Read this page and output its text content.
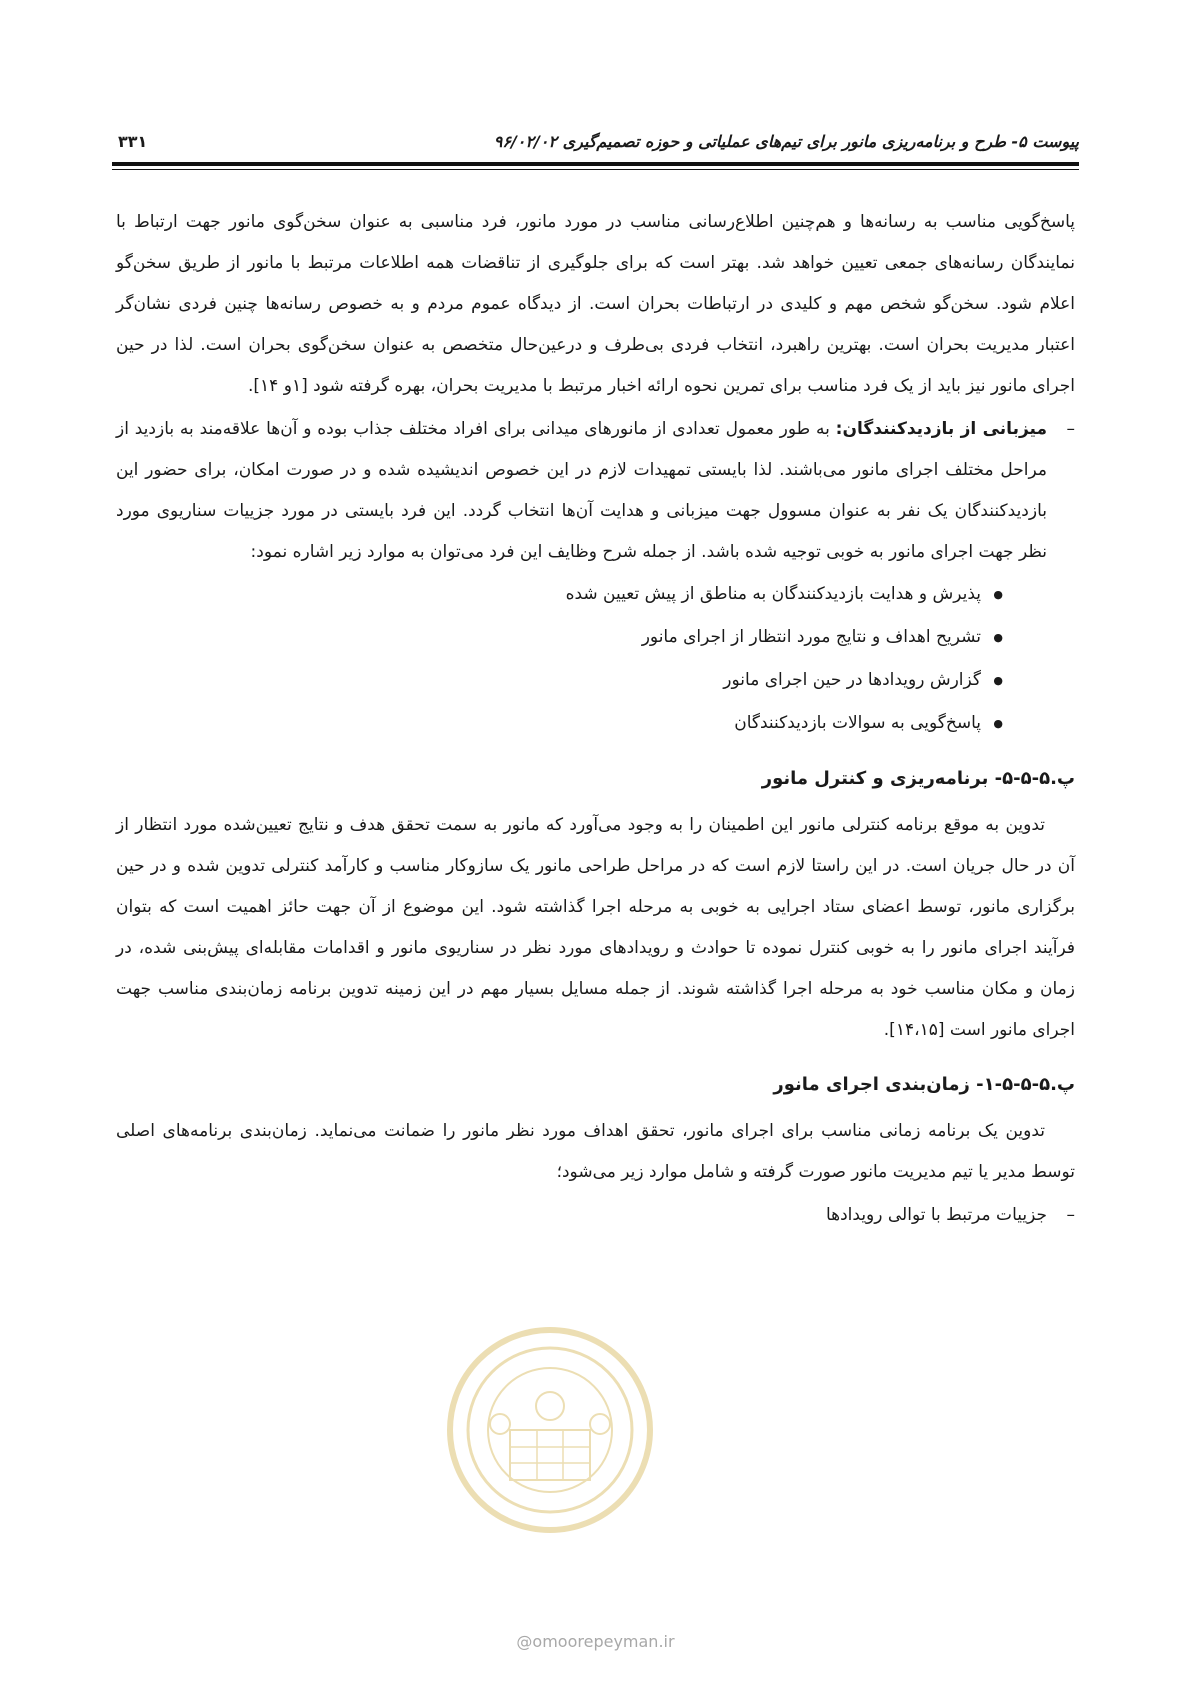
پیوست ۵- طرح و برنامه‌ریزی مانور برای تیم‌های عملیاتی و حوزه تصمیم‌گیری ۹۶/۰۲/۰۲
۳۳۱

پاسخ‌گویی مناسب به رسانه‌ها و هم‌چنین اطلاع‌رسانی مناسب در مورد مانور، فرد مناسبی به عنوان سخن‌گوی مانور جهت ارتباط با نمایندگان رسانه‌های جمعی تعیین خواهد شد. بهتر است که برای جلوگیری از تناقضات همه اطلاعات مرتبط با مانور از طریق سخن‌گو اعلام شود. سخن‌گو شخص مهم و کلیدی در ارتباطات بحران است. از دیدگاه عموم مردم و به خصوص رسانه‌ها چنین فردی نشان‌گر اعتبار مدیریت بحران است. بهترین راهبرد، انتخاب فردی بی‌طرف و درعین‌حال متخصص به عنوان سخن‌گوی بحران است. لذا در حین اجرای مانور نیز باید از یک فرد مناسب برای تمرین نحوه ارائه اخبار مرتبط با مدیریت بحران، بهره گرفته شود [۱و ۱۴].

–

میزبانی از بازدیدکنندگان: به طور معمول تعدادی از مانورهای میدانی برای افراد مختلف جذاب بوده و آن‌ها علاقه‌مند به بازدید از مراحل مختلف اجرای مانور می‌باشند. لذا بایستی تمهیدات لازم در این خصوص اندیشیده شده و در صورت امکان، برای حضور این بازدیدکنندگان یک نفر به عنوان مسوول جهت میزبانی و هدایت آن‌ها انتخاب گردد. این فرد بایستی در مورد جزییات سناریوی مورد نظر جهت اجرای مانور به خوبی توجیه شده باشد. از جمله شرح وظایف این فرد می‌توان به موارد زیر اشاره نمود:

● پذیرش و هدایت بازدیدکنندگان به مناطق از پیش تعیین شده
● تشریح اهداف و نتایج مورد انتظار از اجرای مانور
● گزارش رویدادها در حین اجرای مانور
● پاسخ‌گویی به سوالات بازدیدکنندگان
پ.۵-۵-۵- برنامه‌ریزی و کنترل مانور

تدوین به موقع برنامه کنترلی مانور این اطمینان را به وجود می‌آورد که مانور به سمت تحقق هدف و نتایج تعیین‌شده مورد انتظار از آن در حال جریان است. در این راستا لازم است که در مراحل طراحی مانور یک سازوکار مناسب و کارآمد کنترلی تدوین شده و در حین برگزاری مانور، توسط اعضای ستاد اجرایی به خوبی به مرحله اجرا گذاشته شود. این موضوع از آن جهت حائز اهمیت است که بتوان فرآیند اجرای مانور را به خوبی کنترل نموده تا حوادث و رویدادهای مورد نظر در سناریوی مانور و اقدامات مقابله‌ای پیش‌بنی شده، در زمان و مکان مناسب خود به مرحله اجرا گذاشته شوند. از جمله مسایل بسیار مهم در این زمینه تدوین برنامه زمان‌بندی مناسب جهت اجرای مانور است [۱۴،۱۵].

پ.۵-۵-۵-۱- زمان‌بندی اجرای مانور

تدوین یک برنامه زمانی مناسب برای اجرای مانور، تحقق اهداف مورد نظر مانور را ضمانت می‌نماید. زمان‌بندی برنامه‌های اصلی توسط مدیر یا تیم مدیریت مانور صورت گرفته و شامل موارد زیر می‌شود؛

–
جزییات مرتبط با توالی رویدادها
@omoorepeyman.ir
